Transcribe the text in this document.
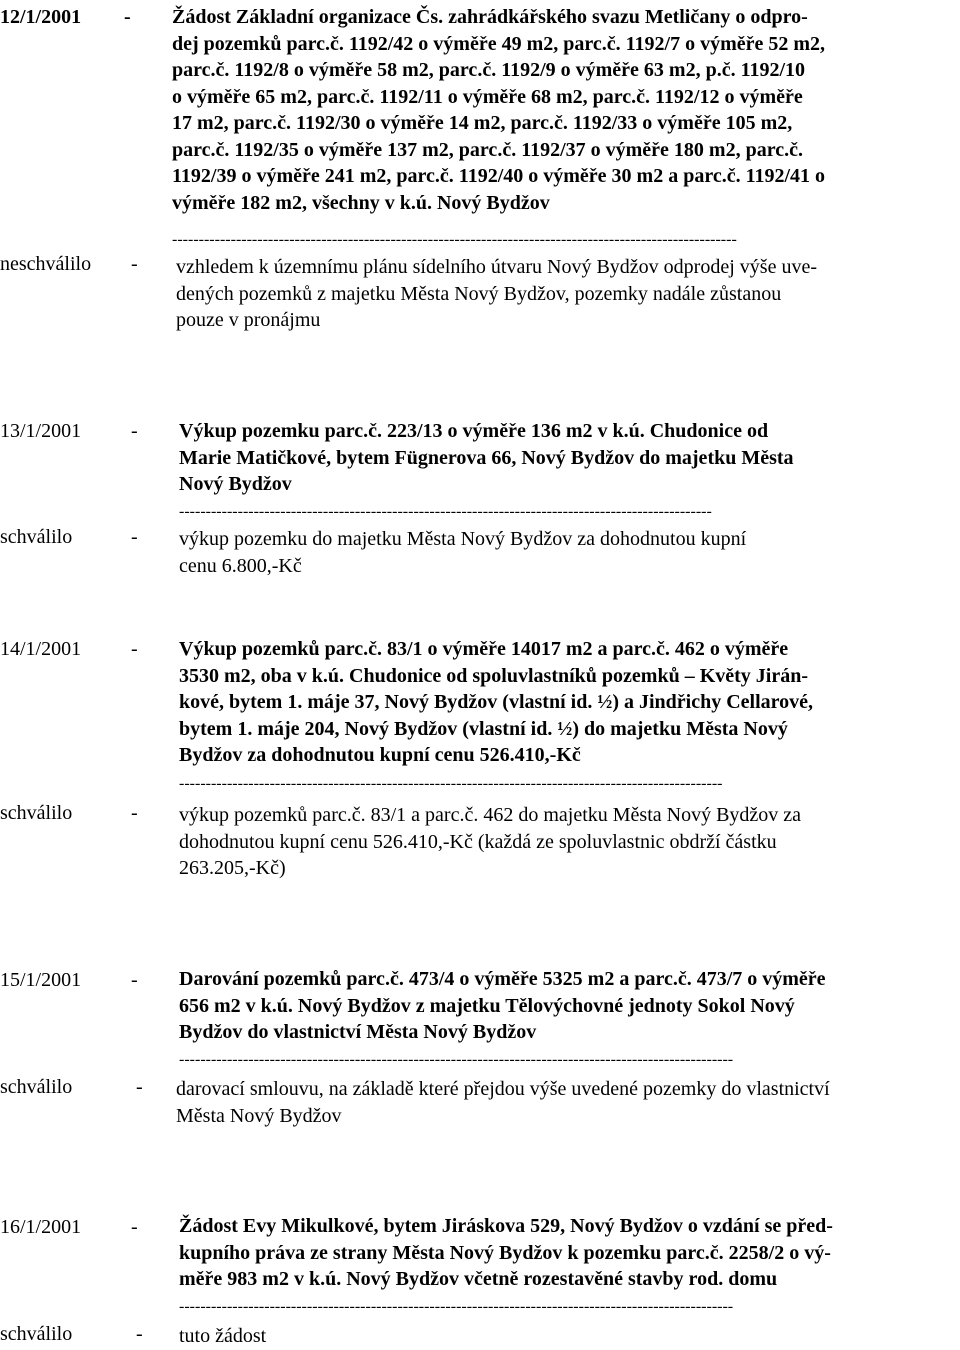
12/1/2001 - Žádost Základní organizace Čs. zahrádkářského svazu Metličany o odpro-
dej pozemků parc.č. 1192/42 o výměře 49 m2, parc.č. 1192/7 o výměře 52 m2,
parc.č. 1192/8 o výměře 58 m2, parc.č. 1192/9 o výměře 63 m2, p.č. 1192/10
o výměře 65 m2, parc.č. 1192/11 o výměře 68 m2, parc.č. 1192/12 o výměře
17 m2, parc.č. 1192/30 o výměře 14 m2, parc.č. 1192/33 o výměře 105 m2,
parc.č. 1192/35 o výměře 137 m2, parc.č. 1192/37 o výměře 180 m2, parc.č.
1192/39 o výměře 241 m2, parc.č. 1192/40 o výměře 30 m2 a parc.č. 1192/41 o
výměře 182 m2, všechny v k.ú. Nový Bydžov
----------------------------------------------------------------------------------------------------------
neschválilo - vzhledem k územnímu plánu sídelního útvaru Nový Bydžov odprodej výše uve-
dených pozemků z majetku Města Nový Bydžov, pozemky nadále zůstanou
pouze v pronájmu
13/1/2001 - Výkup pozemku parc.č. 223/13 o výměře 136 m2 v k.ú. Chudonice od
Marie Matičkové, bytem Fügnerova 66, Nový Bydžov do majetku Města
Nový Bydžov
----------------------------------------------------------------------------------------------------
schválilo	- výkup pozemku do majetku Města Nový Bydžov za dohodnutou kupní
cenu 6.800,-Kč
14/1/2001 - Výkup pozemků parc.č. 83/1 o výměře 14017 m2 a parc.č. 462 o výměře
3530 m2, oba v k.ú. Chudonice od spoluvlastníků pozemků – Květy Jirán-
kové, bytem 1. máje 37, Nový Bydžov (vlastní id. ½) a Jindřichy Cellarové,
bytem 1. máje 204, Nový Bydžov (vlastní id. ½) do majetku Města Nový
Bydžov za dohodnutou kupní cenu 526.410,-Kč
------------------------------------------------------------------------------------------------------
schválilo	- výkup pozemků parc.č. 83/1 a parc.č. 462 do majetku Města Nový Bydžov za
dohodnutou kupní cenu 526.410,-Kč (každá ze spoluvlastnic obdrží částku
263.205,-Kč)
15/1/2001 - Darování pozemků parc.č. 473/4 o výměře 5325 m2 a parc.č. 473/7 o výměře
656 m2 v k.ú. Nový Bydžov z majetku Tělovýchovné jednoty Sokol Nový
Bydžov do vlastnictví Města Nový Bydžov
--------------------------------------------------------------------------------------------------------
schválilo	- darovací smlouvu, na základě které přejdou výše uvedené pozemky do vlastnictví
Města Nový Bydžov
16/1/2001 - Žádost Evy Mikulkové, bytem Jiráskova 529, Nový Bydžov o vzdání se před-
kupního práva ze strany Města Nový Bydžov k pozemku parc.č. 2258/2 o vý-
měře 983 m2 v k.ú. Nový Bydžov včetně rozestavěné stavby rod. domu
--------------------------------------------------------------------------------------------------------
schválilo	- tuto žádost
